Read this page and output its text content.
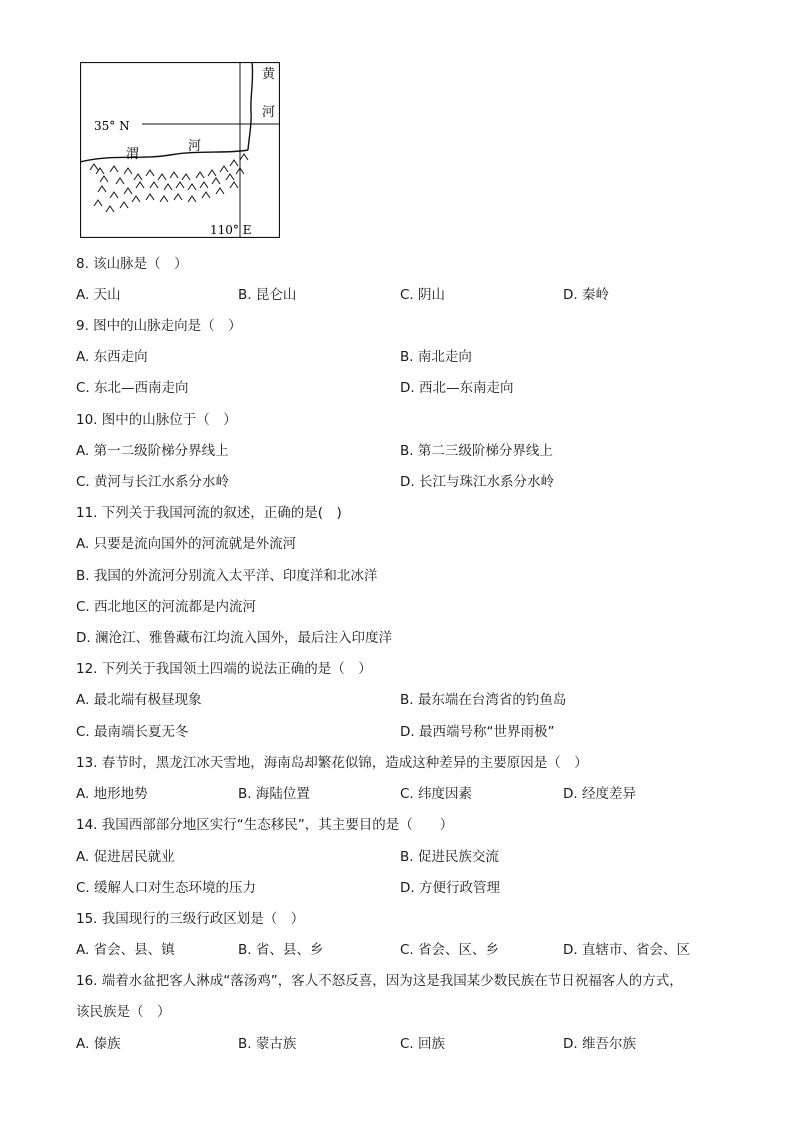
35° N
110° E
渭
河
黄
河
8. 该山脉是（　）
A. 天山	B. 昆仑山	C. 阴山	D. 秦岭
9. 图中的山脉走向是（　）
A. 东西走向	B. 南北走向
C. 东北—西南走向	D. 西北—东南走向
10. 图中的山脉位于（　）
A. 第一二级阶梯分界线上	B. 第二三级阶梯分界线上
C. 黄河与长江水系分水岭	D. 长江与珠江水系分水岭
11. 下列关于我国河流的叙述，正确的是(　)
A. 只要是流向国外的河流就是外流河
B. 我国的外流河分别流入太平洋、印度洋和北冰洋
C. 西北地区的河流都是内流河
D. 澜沧江、雅鲁藏布江均流入国外，最后注入印度洋
12. 下列关于我国领土四端的说法正确的是（　）
A. 最北端有极昼现象	B. 最东端在台湾省的钓鱼岛
C. 最南端长夏无冬	D. 最西端号称“世界雨极”
13. 春节时，黑龙江冰天雪地，海南岛却繁花似锦，造成这种差异的主要原因是（　）
A. 地形地势	B. 海陆位置	C. 纬度因素	D. 经度差异
14. 我国西部部分地区实行“生态移民”，其主要目的是（　　）
A. 促进居民就业	B. 促进民族交流
C. 缓解人口对生态环境的压力	D. 方便行政管理
15. 我国现行的三级行政区划是（　）
A. 省会、县、镇	B. 省、县、乡	C. 省会、区、乡	D. 直辖市、省会、区
16. 端着水盆把客人淋成“落汤鸡”，客人不怒反喜，因为这是我国某少数民族在节日祝福客人的方式，
该民族是（　）
A. 傣族	B. 蒙古族	C. 回族	D. 维吾尔族
